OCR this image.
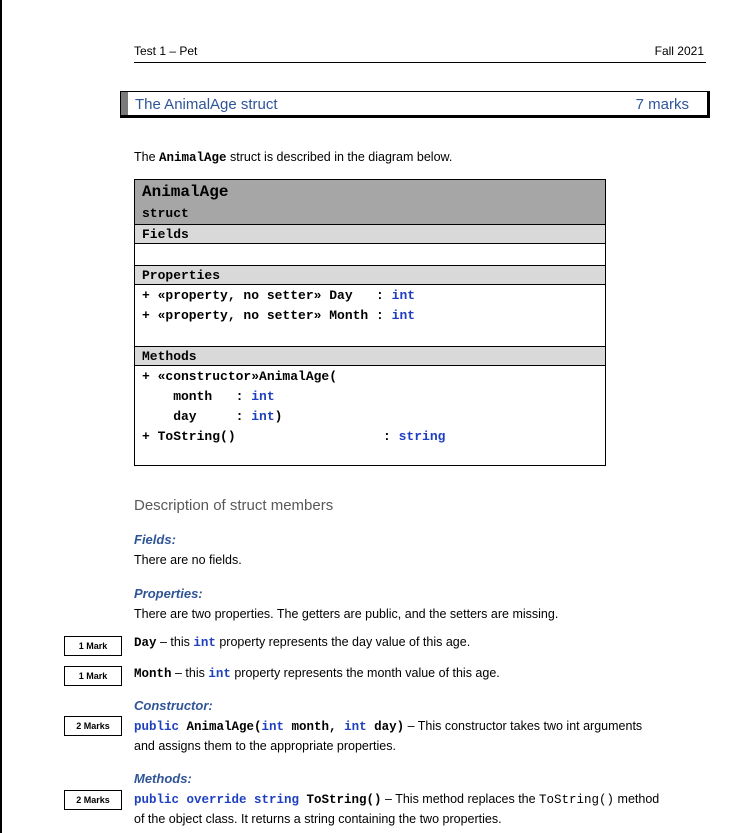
Test 1 – Pet	Fall 2021
The AnimalAge struct	7 marks
The AnimalAge struct is described in the diagram below.
AnimalAge
struct
Fields
Properties
+ «property, no setter» Day   : int
+ «property, no setter» Month : int
Methods
+ «constructor»AnimalAge(
month   : int
day     : int)
+ ToString()	: string
Description of struct members
Fields:
There are no fields.
Properties:
There are two properties. The getters are public, and the setters are missing.
1 Mark	Day – this int property represents the day value of this age.
1 Mark	Month – this int property represents the month value of this age.
Constructor:
2 Marks	public AnimalAge(int month, int day) – This constructor takes two int arguments
and assigns them to the appropriate properties.
Methods:
2 Marks	public override string ToString() – This method replaces the ToString() method
of the object class. It returns a string containing the two properties.
